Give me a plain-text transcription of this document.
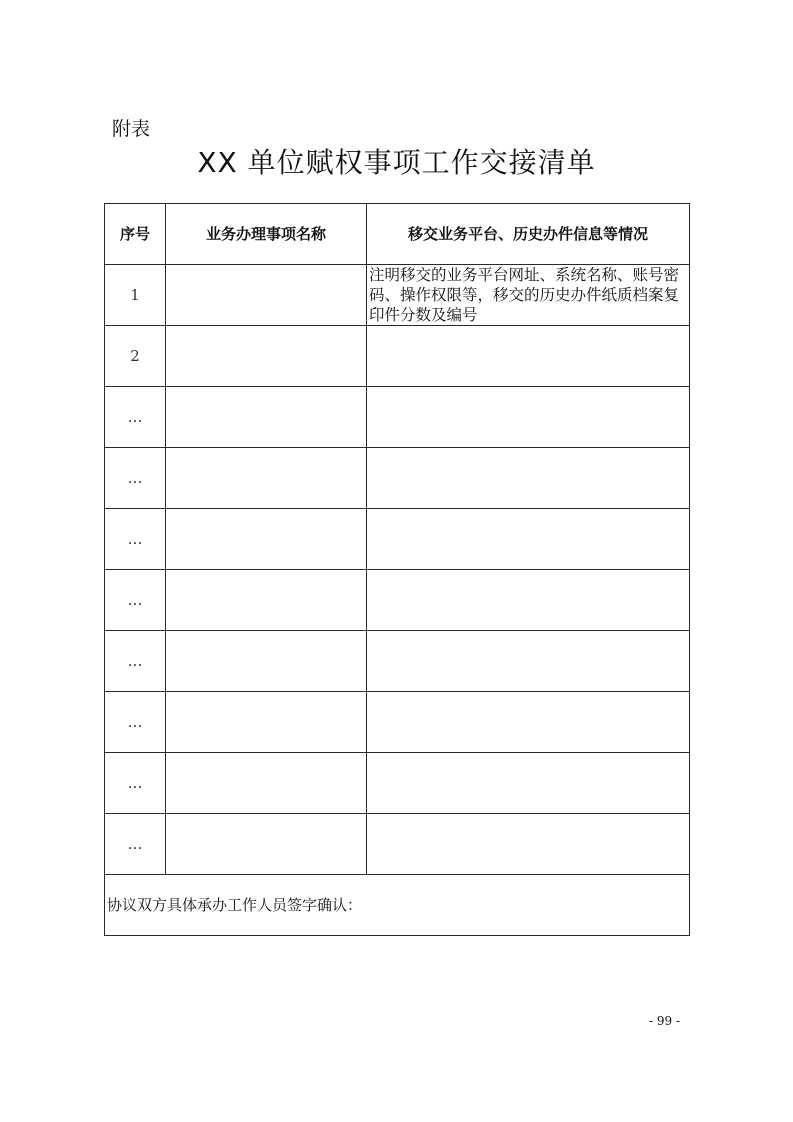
附表
XX 单位赋权事项工作交接清单
序号	业务办理事项名称	移交业务平台、历史办件信息等情况
1		注明移交的业务平台网址、系统名称、账号密码、操作权限等，移交的历史办件纸质档案复印件分数及编号
2		
…		
…		
…		
…		
…		
…		
…		
…		
协议双方具体承办工作人员签字确认：		
- 99 -
